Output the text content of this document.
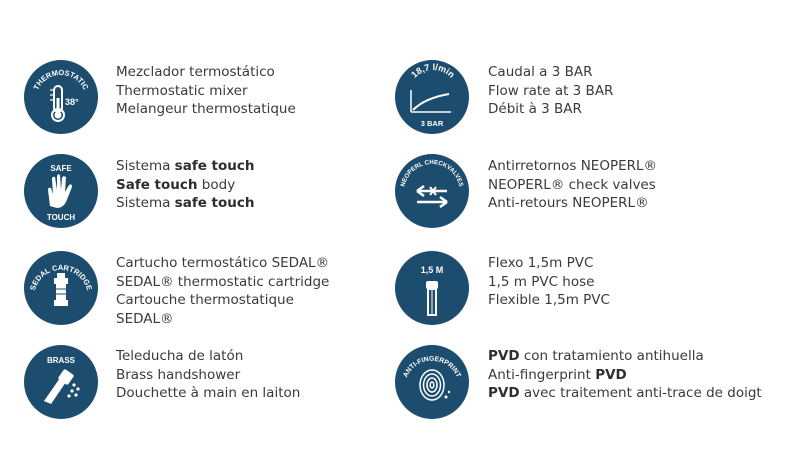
THERMOSTATIC
38°
Mezclador termostático
Thermostatic mixer
Melangeur thermostatique
SAFE
TOUCH
Sistema safe touch
Safe touch body
Sistema safe touch
SEDAL CARTRIDGE
Cartucho termostático SEDAL®
SEDAL® thermostatic cartridge
Cartouche thermostatique
SEDAL®
BRASS	Teleducha de latón
Brass handshower
Douchette à main en laiton
18,7 l/min
3 BAR
Caudal a 3 BAR
Flow rate at 3 BAR
Débit à 3 BAR
NEOPERL CHECKVALVES
Antirretornos NEOPERL®
NEOPERL® check valves
Anti-retours NEOPERL®
1,5 M	Flexo 1,5m PVC
1,5 m PVC hose
Flexible 1,5m PVC
ANTI-FINGERPRINT
PVD con tratamiento antihuella
Anti-fingerprint PVD
PVD avec traitement anti-trace de doigt
